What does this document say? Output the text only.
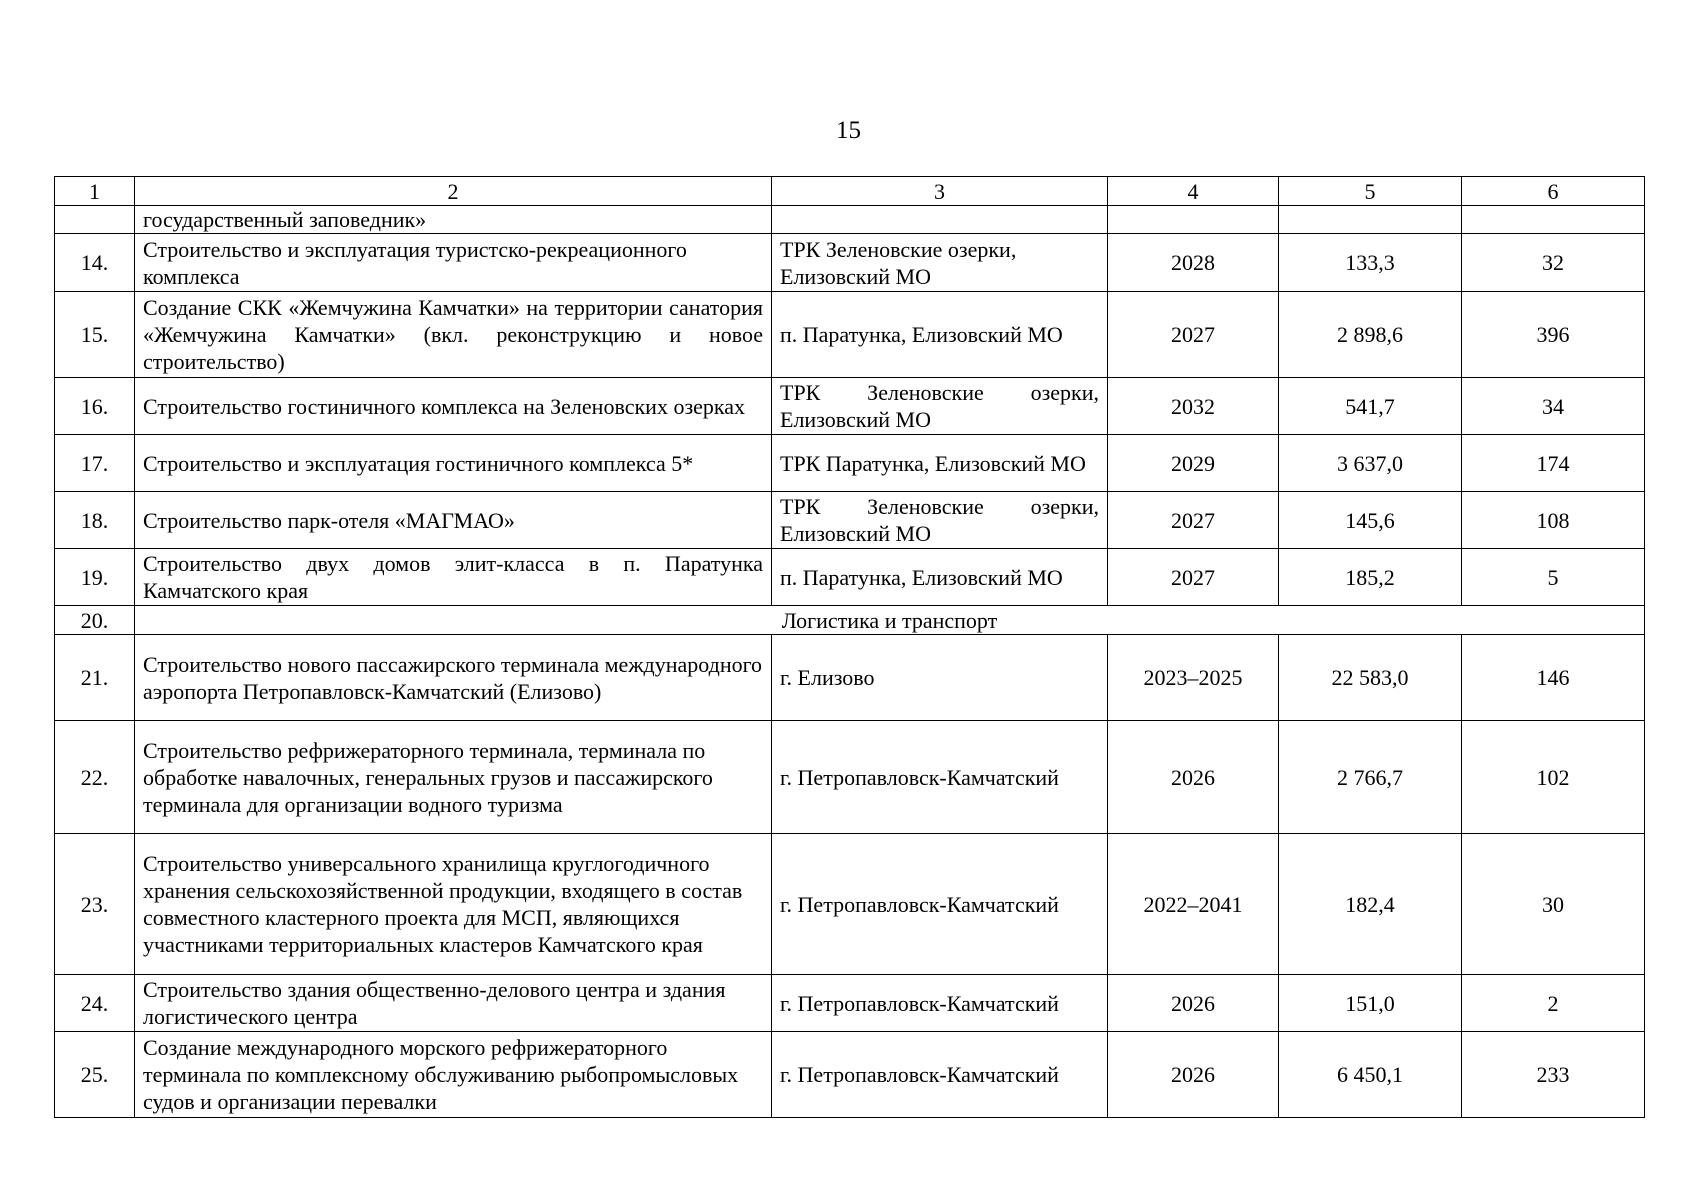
15
1	2	3	4	5	6
	государственный заповедник»				
14.	Строительство и эксплуатация туристско-рекреационного комплекса	ТРК Зеленовские озерки, Елизовский МО	2028	133,3	32
15.	Создание СКК «Жемчужина Камчатки» на территории санатория «Жемчужина Камчатки» (вкл. реконструкцию и новое строительство)	п. Паратунка, Елизовский МО	2027	2 898,6	396
16.	Строительство гостиничного комплекса на Зеленовских озерках	ТРК Зеленовские озерки, Елизовский МО	2032	541,7	34
17.	Строительство и эксплуатация гостиничного комплекса 5*	ТРК Паратунка, Елизовский МО	2029	3 637,0	174
18.	Строительство парк-отеля «МАГМАО»	ТРК Зеленовские озерки, Елизовский МО	2027	145,6	108
19.	Строительство двух домов элит-класса в п. Паратунка Камчатского края	п. Паратунка, Елизовский МО	2027	185,2	5
20.	Логистика и транспорт				
21.	Строительство нового пассажирского терминала международного аэропорта Петропавловск-Камчатский (Елизово)	г. Елизово	2023–2025	22 583,0	146
22.	Строительство рефрижераторного терминала, терминала по обработке навалочных, генеральных грузов и пассажирского терминала для организации водного туризма	г. Петропавловск-Камчатский	2026	2 766,7	102
23.	Строительство универсального хранилища круглогодичного хранения сельскохозяйственной продукции, входящего в состав совместного кластерного проекта для МСП, являющихся участниками территориальных кластеров Камчатского края	г. Петропавловск-Камчатский	2022–2041	182,4	30
24.	Строительство здания общественно-делового центра и здания логистического центра	г. Петропавловск-Камчатский	2026	151,0	2
25.	Создание международного морского рефрижераторного терминала по комплексному обслуживанию рыбопромысловых судов и организации перевалки	г. Петропавловск-Камчатский	2026	6 450,1	233
